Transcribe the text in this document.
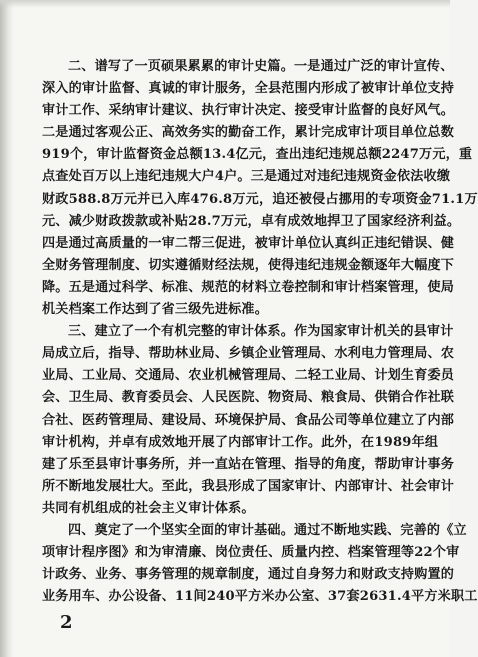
二、谱写了一页硕果累累的审计史篇。一是通过广泛的审计宣传、
深入的审计监督、真诚的审计服务，全县范围内形成了被审计单位支持
审计工作、采纳审计建议、执行审计决定、接受审计监督的良好风气。
二是通过客观公正、高效务实的勤奋工作，累计完成审计项目单位总数
919个，审计监督资金总额13.4亿元，查出违纪违规总额2247万元，重
点查处百万以上违纪违规大户4户。三是通过对违纪违规资金依法收缴
财政588.8万元并已入库476.8万元，追还被侵占挪用的专项资金71.1万
元、减少财政拨款或补贴28.7万元，卓有成效地捍卫了国家经济利益。
四是通过高质量的一审二帮三促进，被审计单位认真纠正违纪错误、健
全财务管理制度、切实遵循财经法规，使得违纪违规金额逐年大幅度下
降。五是通过科学、标准、规范的材料立卷控制和审计档案管理，使局
机关档案工作达到了省三级先进标准。
三、建立了一个有机完整的审计体系。作为国家审计机关的县审计
局成立后，指导、帮助林业局、乡镇企业管理局、水利电力管理局、农
业局、工业局、交通局、农业机械管理局、二轻工业局、计划生育委员
会、卫生局、教育委员会、人民医院、物资局、粮食局、供销合作社联
合社、医药管理局、建设局、环境保护局、食品公司等单位建立了内部
审计机构，并卓有成效地开展了内部审计工作。此外，在1989年组
建了乐至县审计事务所，并一直站在管理、指导的角度，帮助审计事务
所不断地发展壮大。至此，我县形成了国家审计、内部审计、社会审计
共同有机组成的社会主义审计体系。
四、奠定了一个坚实全面的审计基础。通过不断地实践、完善的《立
项审计程序图》和为审清廉、岗位责任、质量内控、档案管理等22个审
计政务、业务、事务管理的规章制度，通过自身努力和财政支持购置的
业务用车、办公设备、11间240平方米办公室、37套2631.4平方米职工
2
